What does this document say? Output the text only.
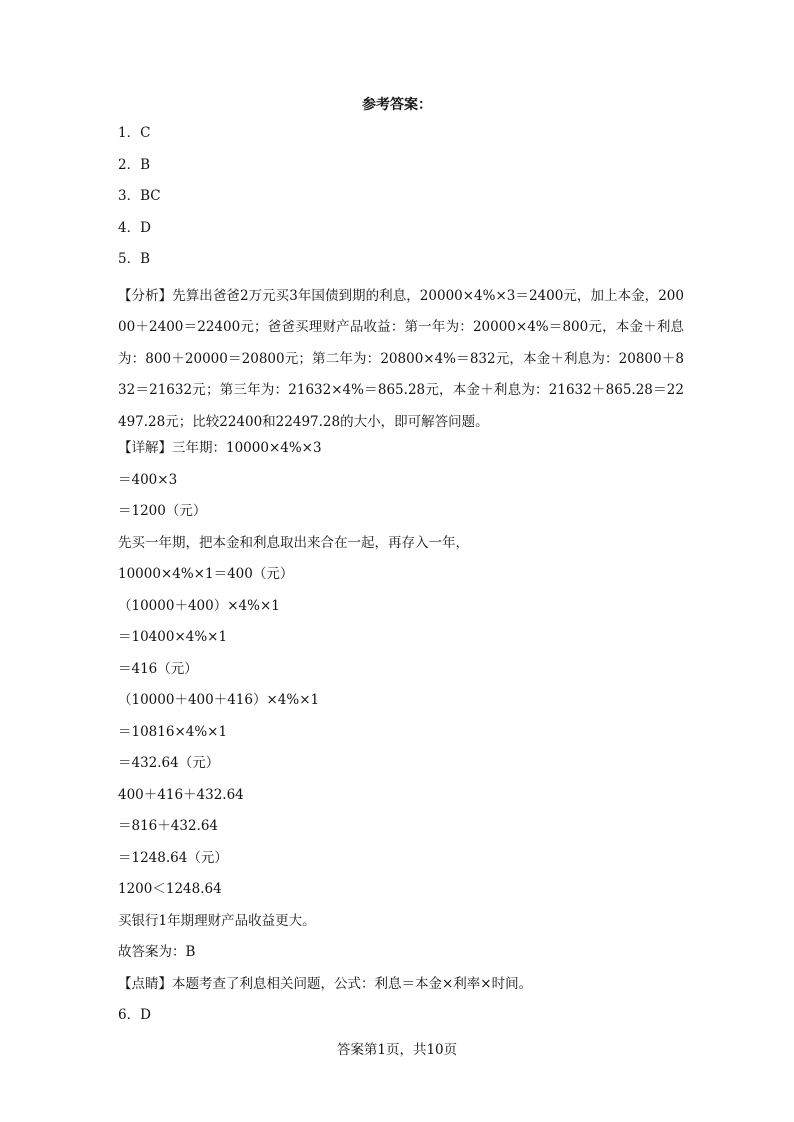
参考答案：
1．C
2．B
3．BC
4．D
5．B
【分析】先算出爸爸2万元买3年国债到期的利息，20000×4%×3＝2400元，加上本金，20000＋2400＝22400元；爸爸买理财产品收益：第一年为：20000×4%＝800元，本金＋利息为：800＋20000＝20800元；第二年为：20800×4%＝832元，本金＋利息为：20800＋832＝21632元；第三年为：21632×4%＝865.28元，本金＋利息为：21632＋865.28＝22497.28元；比较22400和22497.28的大小，即可解答问题。
【详解】三年期：10000×4%×3
＝400×3
＝1200（元）
先买一年期，把本金和利息取出来合在一起，再存入一年，
10000×4%×1＝400（元）
（10000＋400）×4%×1
＝10400×4%×1
＝416（元）
（10000＋400＋416）×4%×1
＝10816×4%×1
＝432.64（元）
400＋416＋432.64
＝816＋432.64
＝1248.64（元）
1200＜1248.64
买银行1年期理财产品收益更大。
故答案为：B
【点睛】本题考查了利息相关问题，公式：利息＝本金×利率×时间。
6．D
答案第1页，共10页
